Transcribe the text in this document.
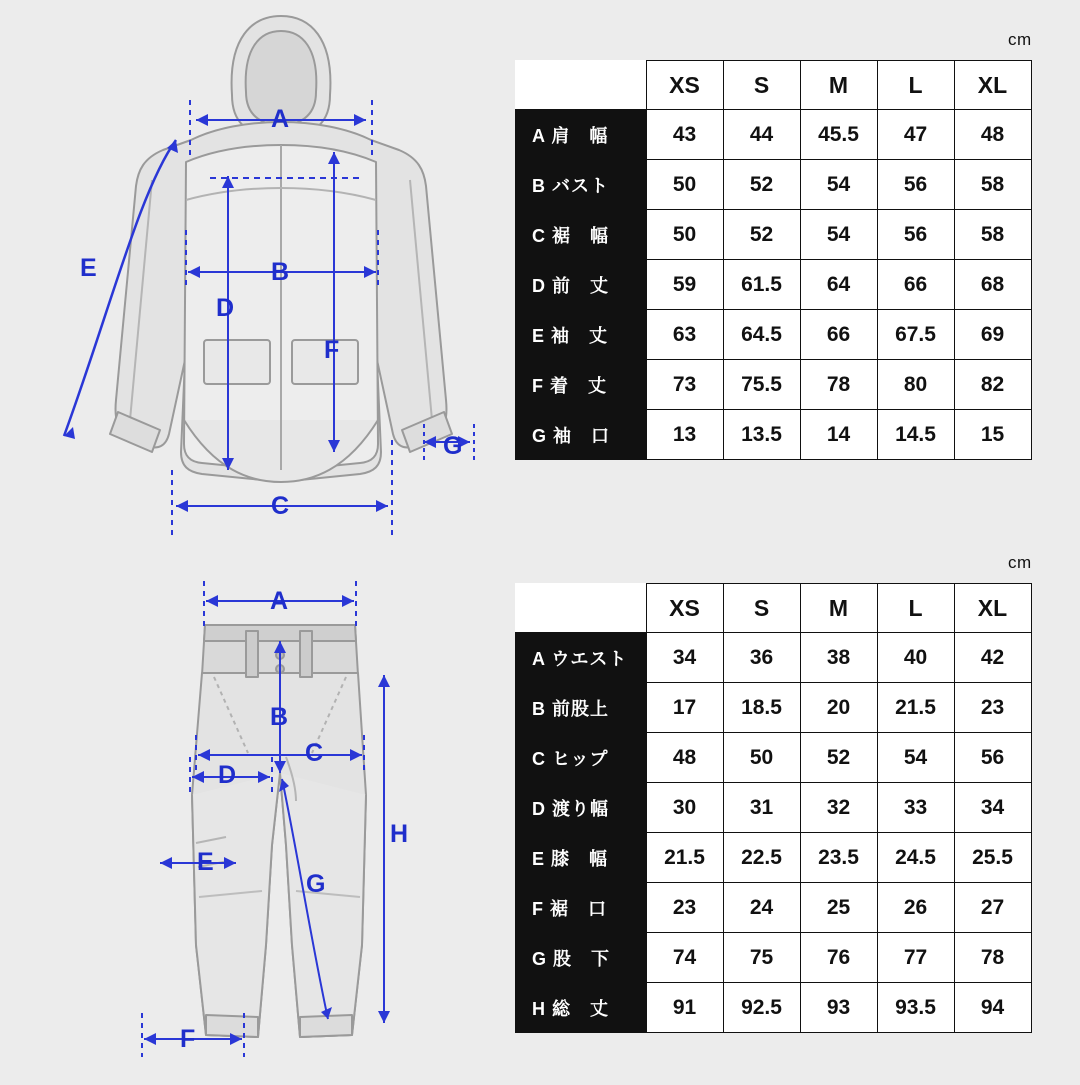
A
B
C
D
E
F
G
cm
	XS	S	M	L	XL
A 肩　幅	43	44	45.5	47	48
B バスト	50	52	54	56	58
C 裾　幅	50	52	54	56	58
D 前　丈	59	61.5	64	66	68
E 袖　丈	63	64.5	66	67.5	69
F 着　丈	73	75.5	78	80	82
G 袖　口	13	13.5	14	14.5	15
A
B
C
D
E
F
G
H
cm
	XS	S	M	L	XL
A ウエスト	34	36	38	40	42
B 前股上	17	18.5	20	21.5	23
C ヒップ	48	50	52	54	56
D 渡り幅	30	31	32	33	34
E 膝　幅	21.5	22.5	23.5	24.5	25.5
F 裾　口	23	24	25	26	27
G 股　下	74	75	76	77	78
H 総　丈	91	92.5	93	93.5	94
